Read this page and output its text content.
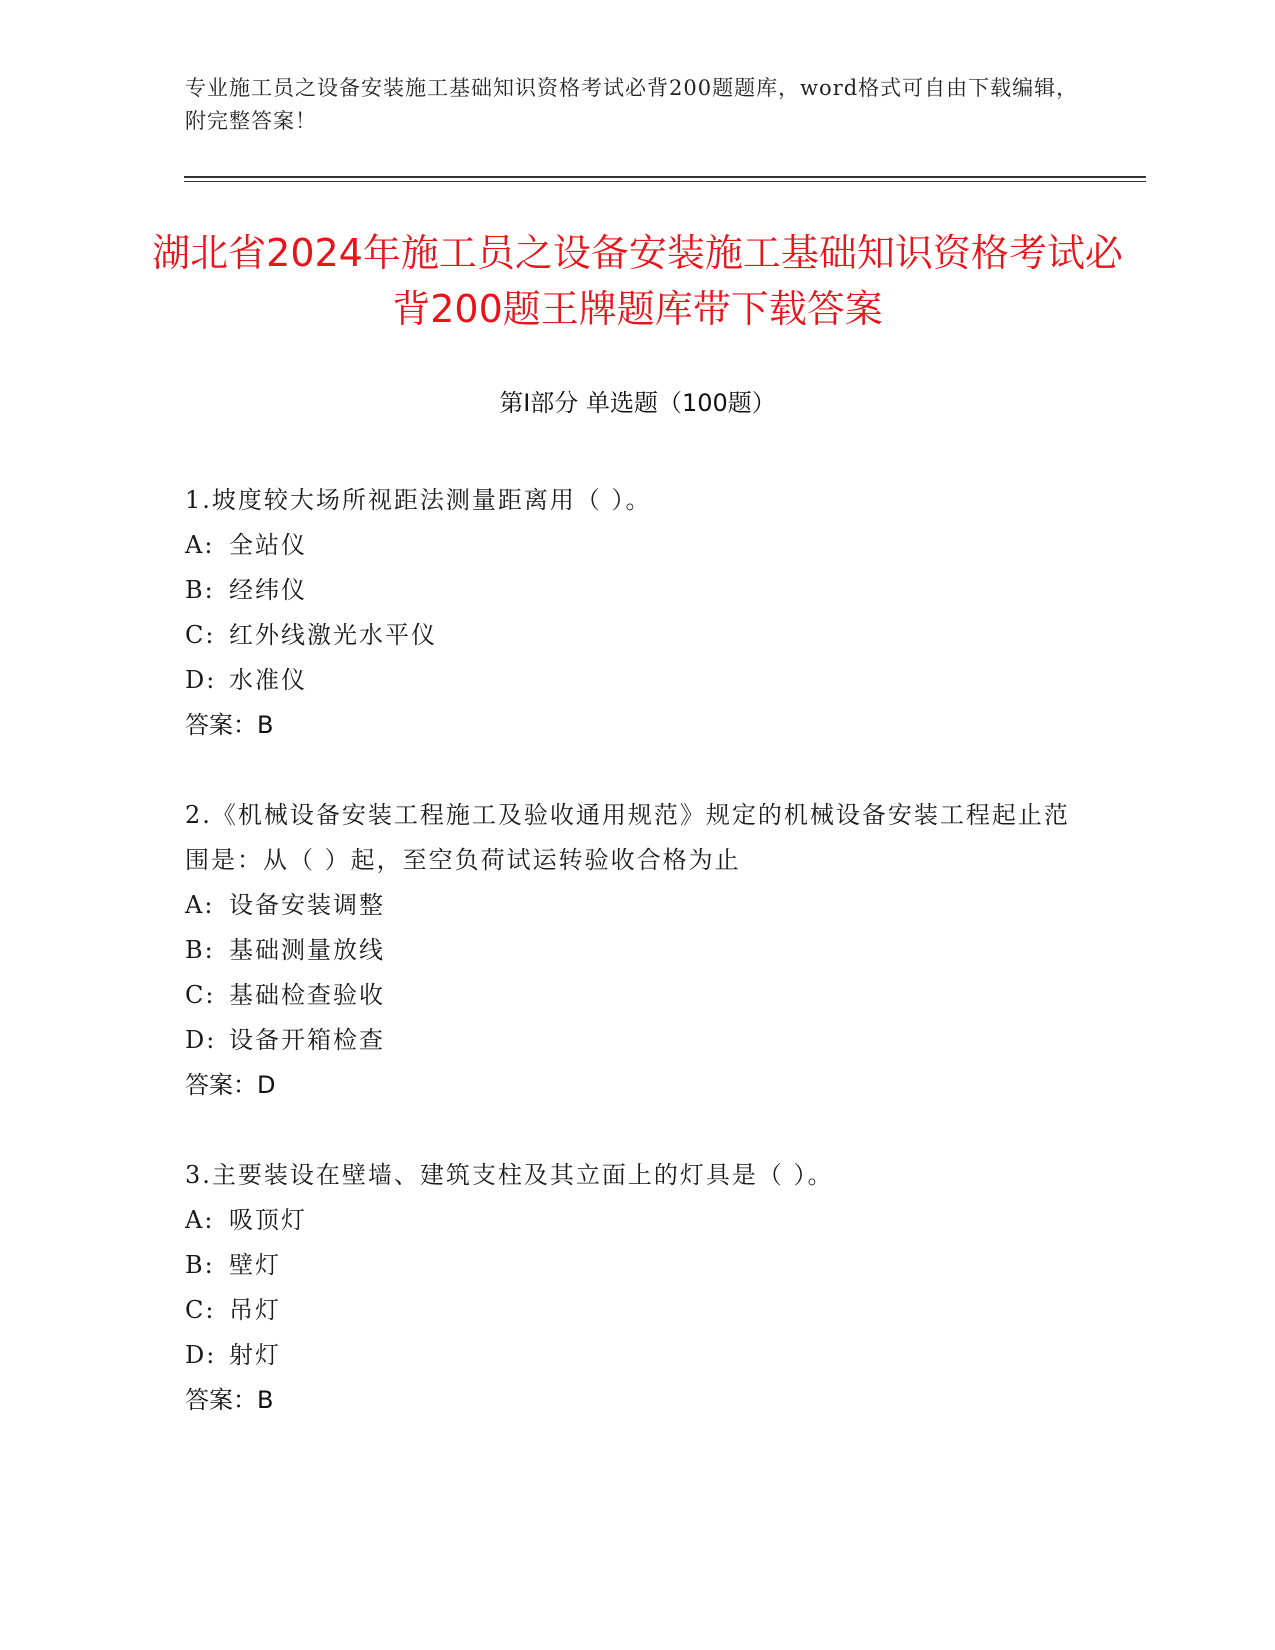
专业施工员之设备安装施工基础知识资格考试必背200题题库，word格式可自由下载编辑，附完整答案！
湖北省2024年施工员之设备安装施工基础知识资格考试必背200题王牌题库带下载答案
第I部分 单选题（100题）
1.坡度较大场所视距法测量距离用（ ）。
A: 全站仪
B: 经纬仪
C: 红外线激光水平仪
D: 水准仪
答案：B
2.《机械设备安装工程施工及验收通用规范》规定的机械设备安装工程起止范围是：从（ ）起，至空负荷试运转验收合格为止
A: 设备安装调整
B: 基础测量放线
C: 基础检查验收
D: 设备开箱检查
答案：D
3.主要装设在壁墙、建筑支柱及其立面上的灯具是（ ）。
A: 吸顶灯
B: 壁灯
C: 吊灯
D: 射灯
答案：B
